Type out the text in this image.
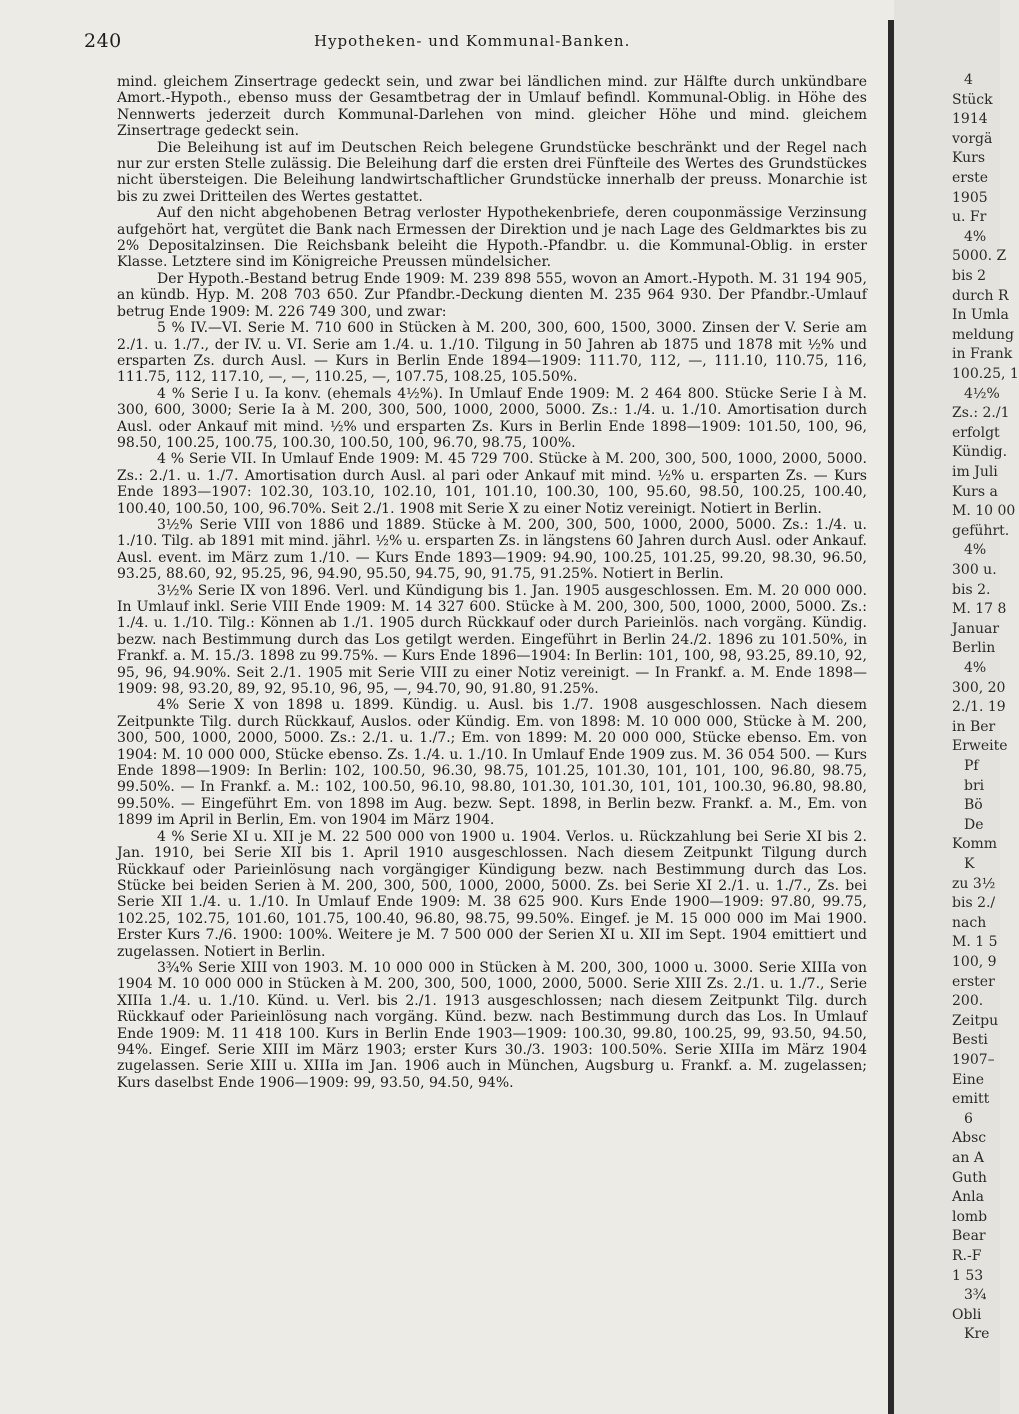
240	Hypotheken- und Kommunal-Banken.

mind. gleichem Zinsertrage gedeckt sein, und zwar bei ländlichen mind. zur Hälfte durch unkündbare Amort.-Hypoth., ebenso muss der Gesamtbetrag der in Umlauf befindl. Kommunal-Oblig. in Höhe des Nennwerts jederzeit durch Kommunal-Darlehen von mind. gleicher Höhe und mind. gleichem Zinsertrage gedeckt sein.

Die Beleihung ist auf im Deutschen Reich belegene Grundstücke beschränkt und der Regel nach nur zur ersten Stelle zulässig. Die Beleihung darf die ersten drei Fünfteile des Wertes des Grundstückes nicht übersteigen. Die Beleihung landwirtschaftlicher Grundstücke innerhalb der preuss. Monarchie ist bis zu zwei Dritteilen des Wertes gestattet.

Auf den nicht abgehobenen Betrag verloster Hypothekenbriefe, deren couponmässige Verzinsung aufgehört hat, vergütet die Bank nach Ermessen der Direktion und je nach Lage des Geldmarktes bis zu 2% Depositalzinsen. Die Reichsbank beleiht die Hypoth.-Pfandbr. u. die Kommunal-Oblig. in erster Klasse. Letztere sind im Königreiche Preussen mündelsicher.

Der Hypoth.-Bestand betrug Ende 1909: M. 239 898 555, wovon an Amort.-Hypoth. M. 31 194 905, an kündb. Hyp. M. 208 703 650. Zur Pfandbr.-Deckung dienten M. 235 964 930. Der Pfandbr.-Umlauf betrug Ende 1909: M. 226 749 300, und zwar:

5 % IV.—VI. Serie M. 710 600 in Stücken à M. 200, 300, 600, 1500, 3000. Zinsen der V. Serie am 2./1. u. 1./7., der IV. u. VI. Serie am 1./4. u. 1./10. Tilgung in 50 Jahren ab 1875 und 1878 mit ½% und ersparten Zs. durch Ausl. — Kurs in Berlin Ende 1894—1909: 111.70, 112, —, 111.10, 110.75, 116, 111.75, 112, 117.10, —, —, 110.25, —, 107.75, 108.25, 105.50%.

4 % Serie I u. Ia konv. (ehemals 4½%). In Umlauf Ende 1909: M. 2 464 800. Stücke Serie I à M. 300, 600, 3000; Serie Ia à M. 200, 300, 500, 1000, 2000, 5000. Zs.: 1./4. u. 1./10. Amortisation durch Ausl. oder Ankauf mit mind. ½% und ersparten Zs. Kurs in Berlin Ende 1898—1909: 101.50, 100, 96, 98.50, 100.25, 100.75, 100.30, 100.50, 100, 96.70, 98.75, 100%.

4 % Serie VII. In Umlauf Ende 1909: M. 45 729 700. Stücke à M. 200, 300, 500, 1000, 2000, 5000. Zs.: 2./1. u. 1./7. Amortisation durch Ausl. al pari oder Ankauf mit mind. ½% u. ersparten Zs. — Kurs Ende 1893—1907: 102.30, 103.10, 102.10, 101, 101.10, 100.30, 100, 95.60, 98.50, 100.25, 100.40, 100.40, 100.50, 100, 96.70%. Seit 2./1. 1908 mit Serie X zu einer Notiz vereinigt. Notiert in Berlin.

3½% Serie VIII von 1886 und 1889. Stücke à M. 200, 300, 500, 1000, 2000, 5000. Zs.: 1./4. u. 1./10. Tilg. ab 1891 mit mind. jährl. ½% u. ersparten Zs. in längstens 60 Jahren durch Ausl. oder Ankauf. Ausl. event. im März zum 1./10. — Kurs Ende 1893—1909: 94.90, 100.25, 101.25, 99.20, 98.30, 96.50, 93.25, 88.60, 92, 95.25, 96, 94.90, 95.50, 94.75, 90, 91.75, 91.25%. Notiert in Berlin.

3½% Serie IX von 1896. Verl. und Kündigung bis 1. Jan. 1905 ausgeschlossen. Em. M. 20 000 000. In Umlauf inkl. Serie VIII Ende 1909: M. 14 327 600. Stücke à M. 200, 300, 500, 1000, 2000, 5000. Zs.: 1./4. u. 1./10. Tilg.: Können ab 1./1. 1905 durch Rückkauf oder durch Pariеinlös. nach vorgäng. Kündig. bezw. nach Bestimmung durch das Los getilgt werden. Eingeführt in Berlin 24./2. 1896 zu 101.50%, in Frankf. a. M. 15./3. 1898 zu 99.75%. — Kurs Ende 1896—1904: In Berlin: 101, 100, 98, 93.25, 89.10, 92, 95, 96, 94.90%. Seit 2./1. 1905 mit Serie VIII zu einer Notiz vereinigt. — In Frankf. a. M. Ende 1898—1909: 98, 93.20, 89, 92, 95.10, 96, 95, —, 94.70, 90, 91.80, 91.25%.

4% Serie X von 1898 u. 1899. Kündig. u. Ausl. bis 1./7. 1908 ausgeschlossen. Nach diesem Zeitpunkte Tilg. durch Rückkauf, Auslos. oder Kündig. Em. von 1898: M. 10 000 000, Stücke à M. 200, 300, 500, 1000, 2000, 5000. Zs.: 2./1. u. 1./7.; Em. von 1899: M. 20 000 000, Stücke ebenso. Em. von 1904: M. 10 000 000, Stücke ebenso. Zs. 1./4. u. 1./10. In Umlauf Ende 1909 zus. M. 36 054 500. — Kurs Ende 1898—1909: In Berlin: 102, 100.50, 96.30, 98.75, 101.25, 101.30, 101, 101, 100, 96.80, 98.75, 99.50%. — In Frankf. a. M.: 102, 100.50, 96.10, 98.80, 101.30, 101.30, 101, 101, 100.30, 96.80, 98.80, 99.50%. — Eingeführt Em. von 1898 im Aug. bezw. Sept. 1898, in Berlin bezw. Frankf. a. M., Em. von 1899 im April in Berlin, Em. von 1904 im März 1904.

4 % Serie XI u. XII je M. 22 500 000 von 1900 u. 1904. Verlos. u. Rückzahlung bei Serie XI bis 2. Jan. 1910, bei Serie XII bis 1. April 1910 ausgeschlossen. Nach diesem Zeitpunkt Tilgung durch Rückkauf oder Parieinlösung nach vorgängiger Kündigung bezw. nach Bestimmung durch das Los. Stücke bei beiden Serien à M. 200, 300, 500, 1000, 2000, 5000. Zs. bei Serie XI 2./1. u. 1./7., Zs. bei Serie XII 1./4. u. 1./10. In Umlauf Ende 1909: M. 38 625 900. Kurs Ende 1900—1909: 97.80, 99.75, 102.25, 102.75, 101.60, 101.75, 100.40, 96.80, 98.75, 99.50%. Eingef. je M. 15 000 000 im Mai 1900. Erster Kurs 7./6. 1900: 100%. Weitere je M. 7 500 000 der Serien XI u. XII im Sept. 1904 emittiert und zugelassen. Notiert in Berlin.

3¾% Serie XIII von 1903. M. 10 000 000 in Stücken à M. 200, 300, 1000 u. 3000. Serie XIIIa von 1904 M. 10 000 000 in Stücken à M. 200, 300, 500, 1000, 2000, 5000. Serie XIII Zs. 2./1. u. 1./7., Serie XIIIa 1./4. u. 1./10. Künd. u. Verl. bis 2./1. 1913 ausgeschlossen; nach diesem Zeitpunkt Tilg. durch Rückkauf oder Parieinlösung nach vorgäng. Künd. bezw. nach Bestimmung durch das Los. In Umlauf Ende 1909: M. 11 418 100. Kurs in Berlin Ende 1903—1909: 100.30, 99.80, 100.25, 99, 93.50, 94.50, 94%. Eingef. Serie XIII im März 1903; erster Kurs 30./3. 1903: 100.50%. Serie XIIIa im März 1904 zugelassen. Serie XIII u. XIIIa im Jan. 1906 auch in München, Augsburg u. Frankf. a. M. zugelassen; Kurs daselbst Ende 1906—1909: 99, 93.50, 94.50, 94%.

4
Stück
1914
vorgä
Kurs
erste
1905
u. Fr
4%
5000. Z
bis 2
durch R
In Umla
meldung
in Frank
100.25, 1
4½%
Zs.: 2./1
erfolgt
Kündig.
im Juli
Kurs a
M. 10 00
geführt.
4%
300 u.
bis 2.
M. 17 8
Januar
Berlin
4%
300, 20
2./1. 19
in Ber
Erweite
Pf
bri
Bö
De
Komm
K
zu 3½
bis 2./
nach
M. 1 5
100, 9
erster
200.
Zeitpu
Besti
1907–
Eine
emitt
6
Absc
an A
Guth
Anla
lomb
Bear
R.-F
1 53
3¾
Obli
Kre
